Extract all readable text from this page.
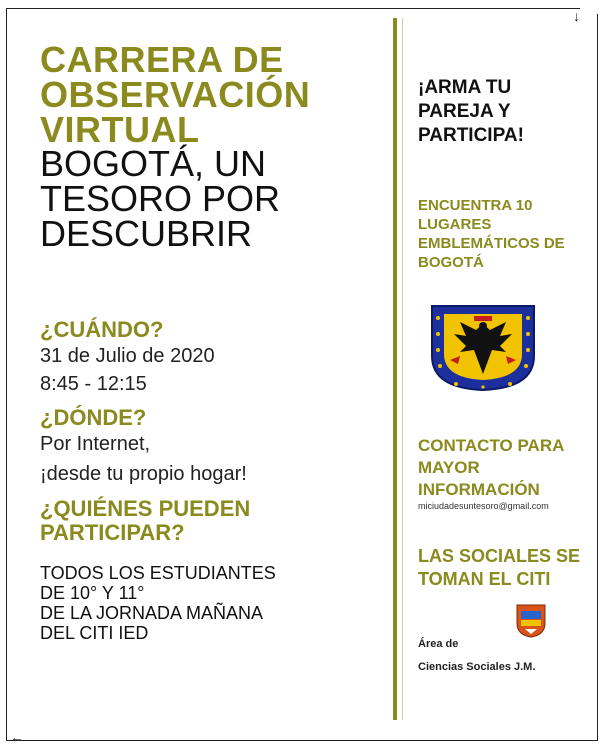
↓
←
CARRERA DE
OBSERVACIÓN
VIRTUAL
BOGOTÁ, UN
TESORO POR
DESCUBRIR
¿CUÁNDO?
31 de Julio de 2020
8:45 - 12:15
¿DÓNDE?
Por Internet,
¡desde tu propio hogar!
¿QUIÉNES PUEDEN
PARTICIPAR?
TODOS LOS ESTUDIANTES
DE 10° Y 11°
DE LA JORNADA MAÑANA
DEL CITI IED
¡ARMA TU PAREJA Y PARTICIPA!
ENCUENTRA 10 LUGARES EMBLEMÁTICOS DE BOGOTÁ
CONTACTO PARA MAYOR INFORMACIÓN
miciudadesuntesoro@gmail.com
LAS SOCIALES SE TOMAN EL CITI
Área de
Ciencias Sociales J.M.
